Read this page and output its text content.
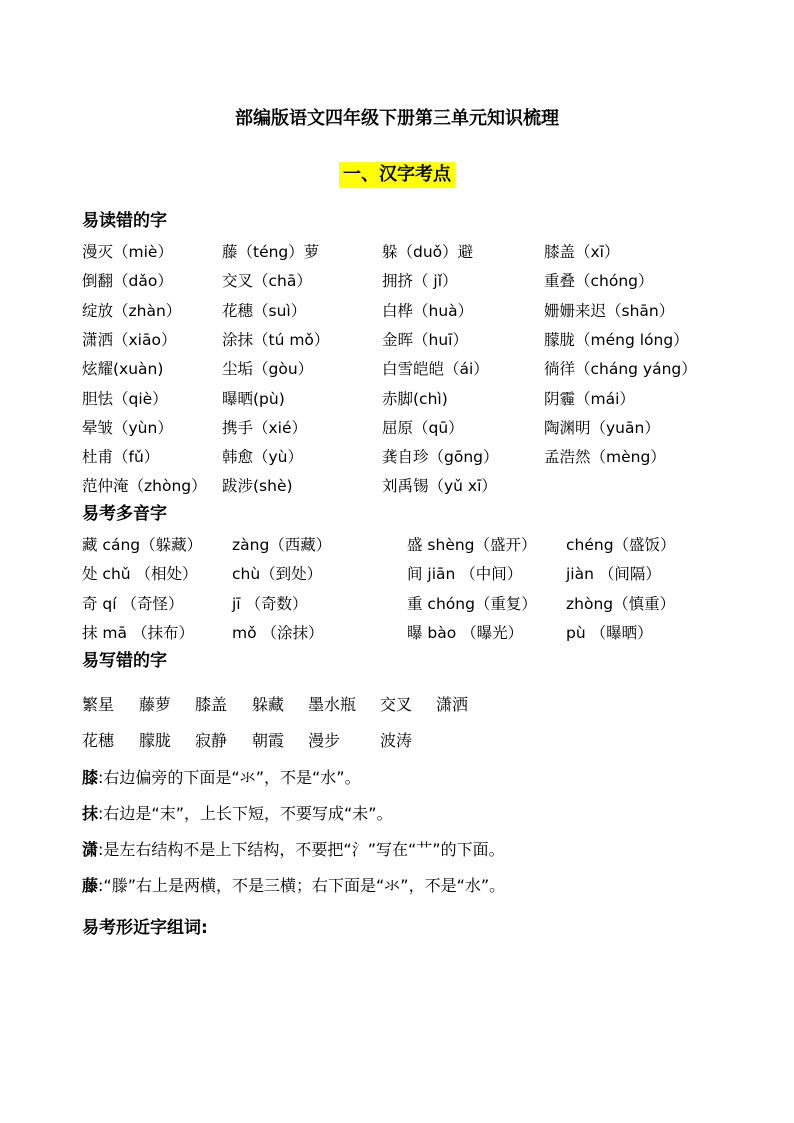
部编版语文四年级下册第三单元知识梳理
一、汉字考点
易读错的字
漫灭（miè）	藤（téng）萝	躲（duǒ）避	膝盖（xī）
倒翻（dǎo）	交叉（chā）	拥挤（ jǐ）	重叠（chóng）
绽放（zhàn）	花穗（suì）	白桦（huà）	姗姗来迟（shān）
潇洒（xiāo）	涂抹（tú mǒ）	金晖（huī）	朦胧（méng lóng）
炫耀(xuàn)	尘垢（gòu）	白雪皑皑（ái）	徜徉（cháng yáng）
胆怯（qiè）	曝晒(pù)	赤脚(chì)	阴霾（mái）
晕皱（yùn）	携手（xié）	屈原（qū）	陶渊明（yuān）
杜甫（fǔ）	韩愈（yù）	龚自珍（gōng）	孟浩然（mèng）
范仲淹（zhòng） 跋涉(shè)	刘禹锡（yǔ xī）
易考多音字
藏 cáng（躲藏） zàng（西藏）	盛 shèng（盛开） chéng（盛饭）
处 chǔ （相处） chù（到处）	间 jiān （中间）	jiàn （间隔）
奇 qí （奇怪）	jī （奇数）	重 chóng（重复） zhòng（慎重）
抹 mā （抹布） mǒ （涂抹）	曝 bào （曝光）	pù （曝晒）
易写错的字
繁星 藤萝 膝盖 躲藏 墨水瓶 交叉 潇洒
花穗 朦胧 寂静 朝霞 漫步 波涛
膝:右边偏旁的下面是“氺”，不是“水”。
抹:右边是“末”，上长下短，不要写成“未”。
潇:是左右结构不是上下结构，不要把“氵”写在“艹”的下面。
藤:“滕”右上是两横，不是三横；右下面是“氺”，不是“水”。
易考形近字组词:
